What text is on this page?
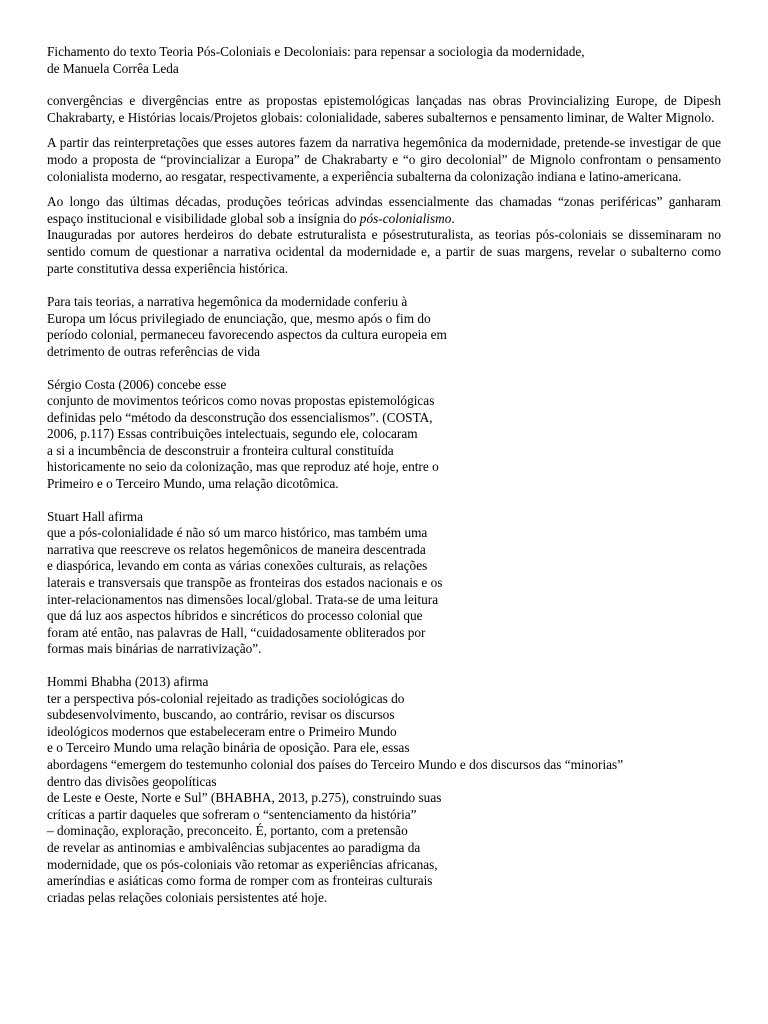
Fichamento do texto Teoria Pós-Coloniais e Decoloniais: para repensar a sociologia da modernidade,
de Manuela Corrêa Leda

convergências e divergências entre as propostas epistemológicas lançadas nas obras Provincializing Europe, de Dipesh Chakrabarty, e Histórias locais/Projetos globais: colonialidade, saberes subalternos e pensamento liminar, de Walter Mignolo.

A partir das reinterpretações que esses autores fazem da narrativa hegemônica da modernidade, pretende-se investigar de que modo a proposta de “provincializar a Europa” de Chakrabarty e “o giro decolonial” de Mignolo confrontam o pensamento colonialista moderno, ao resgatar, respectivamente, a experiência subalterna da colonização indiana e latino-americana.

Ao longo das últimas décadas, produções teóricas advindas essencialmente das chamadas “zonas periféricas” ganharam espaço institucional e visibilidade global sob a insígnia do pós-colonialismo.

Inauguradas por autores herdeiros do debate estruturalista e pósestruturalista, as teorias pós-coloniais se disseminaram no sentido comum de questionar a narrativa ocidental da modernidade e, a partir de suas margens, revelar o subalterno como parte constitutiva dessa experiência histórica.

Para tais teorias, a narrativa hegemônica da modernidade conferiu à
Europa um lócus privilegiado de enunciação, que, mesmo após o fim do
período colonial, permaneceu favorecendo aspectos da cultura europeia em
detrimento de outras referências de vida
Sérgio Costa (2006) concebe esse
conjunto de movimentos teóricos como novas propostas epistemológicas
definidas pelo “método da desconstrução dos essencialismos”. (COSTA,
2006, p.117) Essas contribuições intelectuais, segundo ele, colocaram
a si a incumbência de desconstruir a fronteira cultural constituída
historicamente no seio da colonização, mas que reproduz até hoje, entre o
Primeiro e o Terceiro Mundo, uma relação dicotômica.
Stuart Hall afirma
que a pós-colonialidade é não só um marco histórico, mas também uma
narrativa que reescreve os relatos hegemônicos de maneira descentrada
e diaspórica, levando em conta as várias conexões culturais, as relações
laterais e transversais que transpõe as fronteiras dos estados nacionais e os
inter-relacionamentos nas dimensões local/global. Trata-se de uma leitura
que dá luz aos aspectos híbridos e sincréticos do processo colonial que
foram até então, nas palavras de Hall, “cuidadosamente obliterados por
formas mais binárias de narrativização”.
Hommi Bhabha (2013) afirma
ter a perspectiva pós-colonial rejeitado as tradições sociológicas do
subdesenvolvimento, buscando, ao contrário, revisar os discursos
ideológicos modernos que estabeleceram entre o Primeiro Mundo
e o Terceiro Mundo uma relação binária de oposição. Para ele, essas
abordagens “emergem do testemunho colonial dos países do Terceiro Mundo e dos discursos das “minorias”
dentro das divisões geopolíticas
de Leste e Oeste, Norte e Sul” (BHABHA, 2013, p.275), construindo suas
críticas a partir daqueles que sofreram o “sentenciamento da história”
– dominação, exploração, preconceito. É, portanto, com a pretensão
de revelar as antinomias e ambivalências subjacentes ao paradigma da
modernidade, que os pós-coloniais vão retomar as experiências africanas,
ameríndias e asiáticas como forma de romper com as fronteiras culturais
criadas pelas relações coloniais persistentes até hoje.
